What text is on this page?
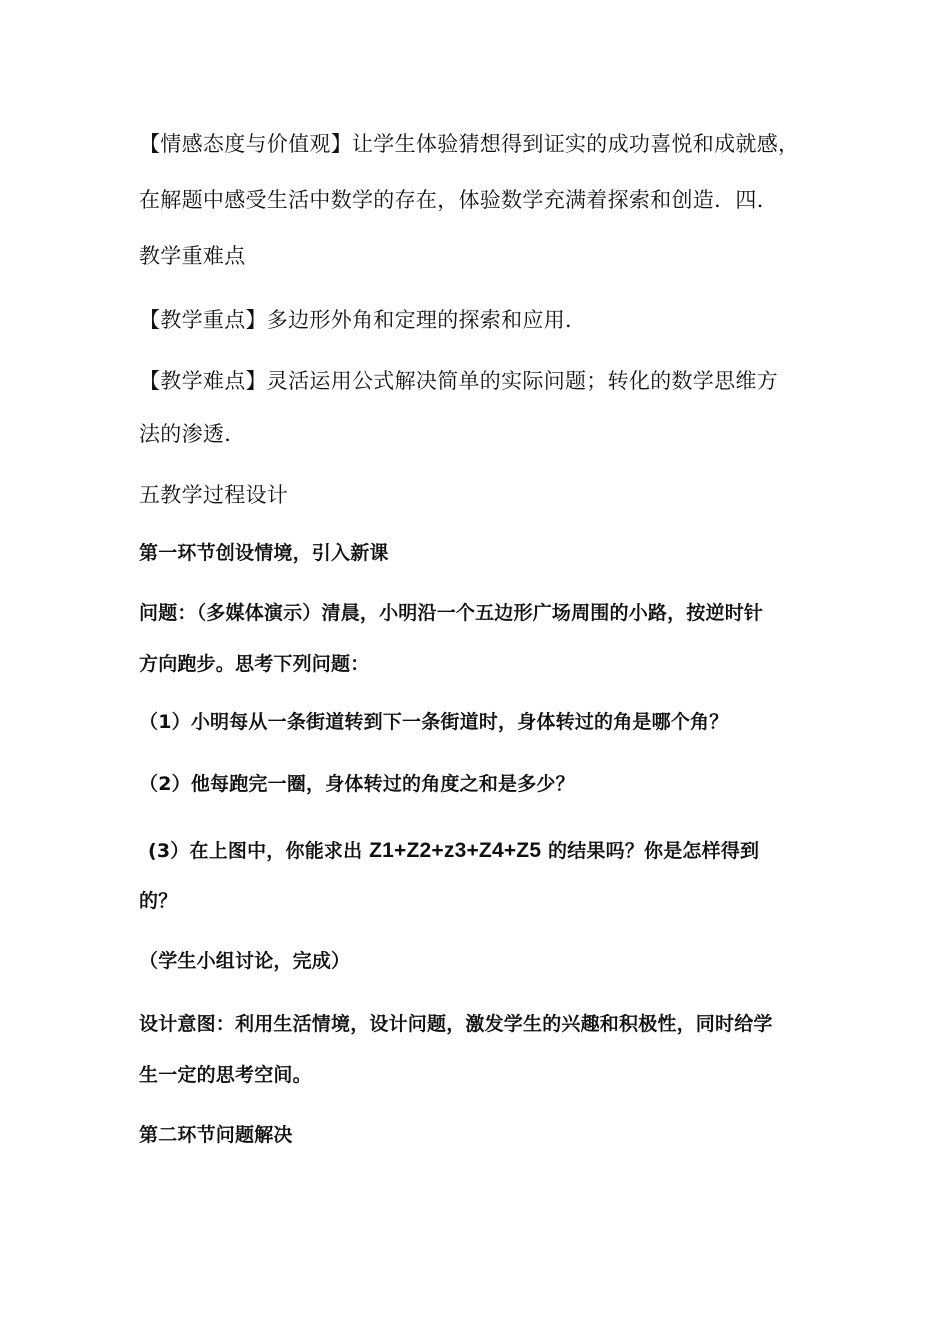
【情感态度与价值观】让学生体验猜想得到证实的成功喜悦和成就感，
在解题中感受生活中数学的存在，体验数学充满着探索和创造．四．
教学重难点
【教学重点】多边形外角和定理的探索和应用．
【教学难点】灵活运用公式解决简单的实际问题；转化的数学思维方
法的渗透．
五教学过程设计
第一环节创设情境，引入新课
问题：（多媒体演示）清晨，小明沿一个五边形广场周围的小路，按逆时针
方向跑步。思考下列问题：
（1）小明每从一条街道转到下一条街道时，身体转过的角是哪个角？
（2）他每跑完一圈，身体转过的角度之和是多少？
(3）在上图中，你能求出 Z1+Z2+z3+Z4+Z5 的结果吗？你是怎样得到
的？
（学生小组讨论，完成）
设计意图：利用生活情境，设计问题，激发学生的兴趣和积极性，同时给学
生一定的思考空间。
第二环节问题解决
